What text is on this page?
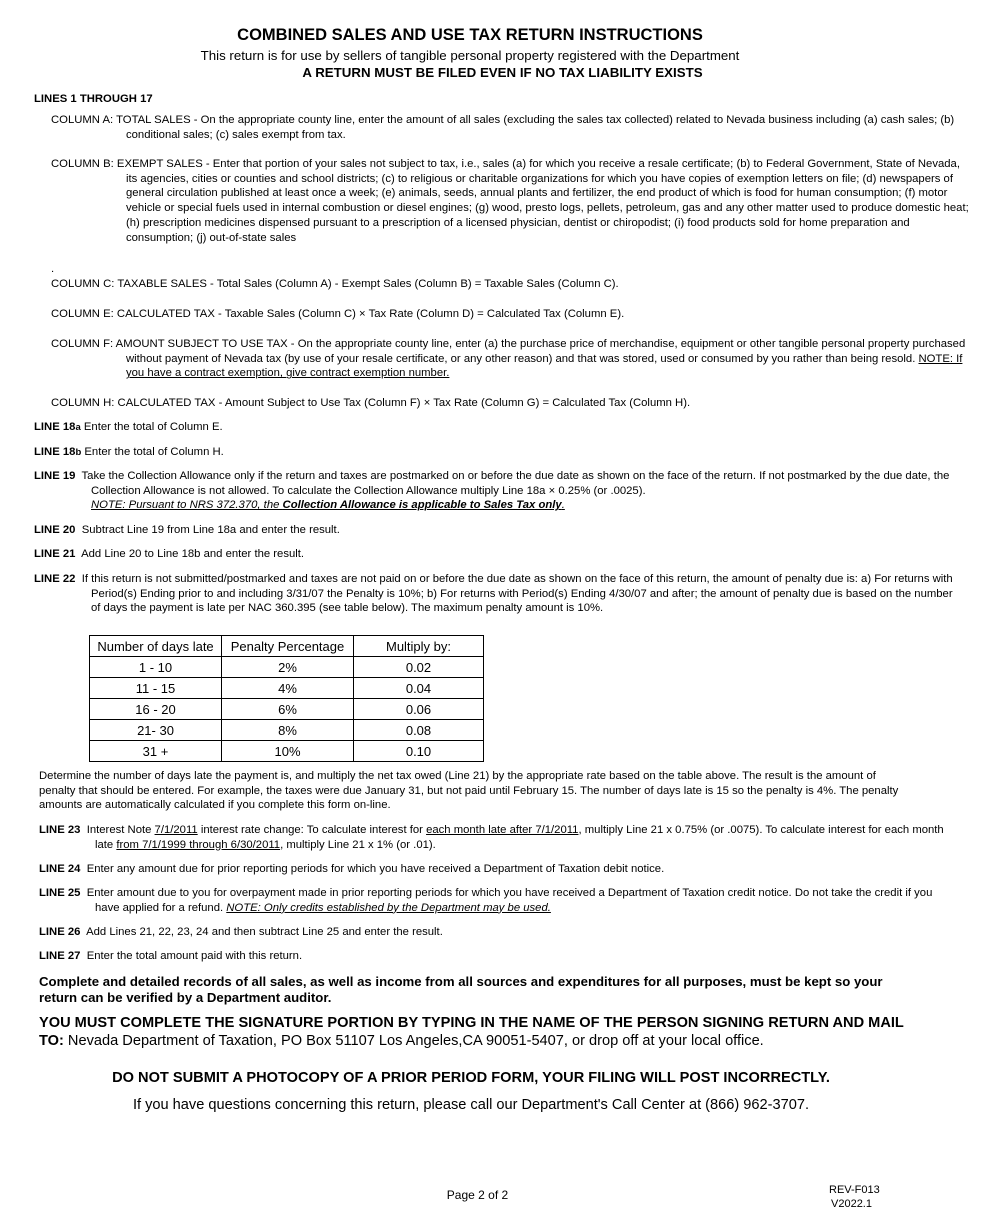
COMBINED SALES AND USE TAX RETURN INSTRUCTIONS
This return is for use by sellers of tangible personal property registered with the Department
A RETURN MUST BE FILED EVEN IF NO TAX LIABILITY EXISTS
LINES 1 THROUGH 17
COLUMN A: TOTAL SALES - On the appropriate county line, enter the amount of all sales (excluding the sales tax collected) related to Nevada business including (a) cash sales; (b) conditional sales; (c) sales exempt from tax.
COLUMN B: EXEMPT SALES - Enter that portion of your sales not subject to tax, i.e., sales (a) for which you receive a resale certificate; (b) to Federal Government, State of Nevada, its agencies, cities or counties and school districts; (c) to religious or charitable organizations for which you have copies of exemption letters on file; (d) newspapers of general circulation published at least once a week; (e) animals, seeds, annual plants and fertilizer, the end product of which is food for human consumption; (f) motor vehicle or special fuels used in internal combustion or diesel engines; (g) wood, presto logs, pellets, petroleum, gas and any other matter used to produce domestic heat; (h) prescription medicines dispensed pursuant to a prescription of a licensed physician, dentist or chiropodist; (i) food products sold for home preparation and consumption; (j) out-of-state sales
.
COLUMN C: TAXABLE SALES - Total Sales (Column A) - Exempt Sales (Column B) = Taxable Sales (Column C).
COLUMN E: CALCULATED TAX - Taxable Sales (Column C) × Tax Rate (Column D) = Calculated Tax (Column E).
COLUMN F: AMOUNT SUBJECT TO USE TAX - On the appropriate county line, enter (a) the purchase price of merchandise, equipment or other tangible personal property purchased without payment of Nevada tax (by use of your resale certificate, or any other reason) and that was stored, used or consumed by you rather than being resold. NOTE: If you have a contract exemption, give contract exemption number.
COLUMN H: CALCULATED TAX - Amount Subject to Use Tax (Column F) × Tax Rate (Column G) = Calculated Tax (Column H).
LINE 18a Enter the total of Column E.
LINE 18b Enter the total of Column H.
LINE 19 Take the Collection Allowance only if the return and taxes are postmarked on or before the due date as shown on the face of the return. If not postmarked by the due date, the Collection Allowance is not allowed. To calculate the Collection Allowance multiply Line 18a × 0.25% (or .0025).
NOTE: Pursuant to NRS 372.370, the Collection Allowance is applicable to Sales Tax only.
LINE 20 Subtract Line 19 from Line 18a and enter the result.
LINE 21 Add Line 20 to Line 18b and enter the result.
LINE 22 If this return is not submitted/postmarked and taxes are not paid on or before the due date as shown on the face of this return, the amount of penalty due is: a) For returns with Period(s) Ending prior to and including 3/31/07 the Penalty is 10%; b) For returns with Period(s) Ending 4/30/07 and after; the amount of penalty due is based on the number of days the payment is late per NAC 360.395 (see table below). The maximum penalty amount is 10%.
Number of days late	Penalty Percentage	Multiply by:
1 - 10	2%	0.02
11 - 15	4%	0.04
16 - 20	6%	0.06
21- 30	8%	0.08
31 +	10%	0.10
Determine the number of days late the payment is, and multiply the net tax owed (Line 21) by the appropriate rate based on the table above. The result is the amount of penalty that should be entered. For example, the taxes were due January 31, but not paid until February 15. The number of days late is 15 so the penalty is 4%. The penalty amounts are automatically calculated if you complete this form on-line.
LINE 23 Interest Note 7/1/2011 interest rate change: To calculate interest for each month late after 7/1/2011, multiply Line 21 x 0.75% (or .0075). To calculate interest for each month late from 7/1/1999 through 6/30/2011, multiply Line 21 x 1% (or .01).
LINE 24 Enter any amount due for prior reporting periods for which you have received a Department of Taxation debit notice.
LINE 25 Enter amount due to you for overpayment made in prior reporting periods for which you have received a Department of Taxation credit notice. Do not take the credit if you have applied for a refund. NOTE: Only credits established by the Department may be used.
LINE 26 Add Lines 21, 22, 23, 24 and then subtract Line 25 and enter the result.
LINE 27 Enter the total amount paid with this return.
Complete and detailed records of all sales, as well as income from all sources and expenditures for all purposes, must be kept so your return can be verified by a Department auditor.
YOU MUST COMPLETE THE SIGNATURE PORTION BY TYPING IN THE NAME OF THE PERSON SIGNING RETURN AND MAIL TO: Nevada Department of Taxation, PO Box 51107 Los Angeles,CA 90051-5407, or drop off at your local office.
DO NOT SUBMIT A PHOTOCOPY OF A PRIOR PERIOD FORM, YOUR FILING WILL POST INCORRECTLY.
If you have questions concerning this return, please call our Department's Call Center at (866) 962-3707.
Page 2 of 2	REV-F013
V2022.1
